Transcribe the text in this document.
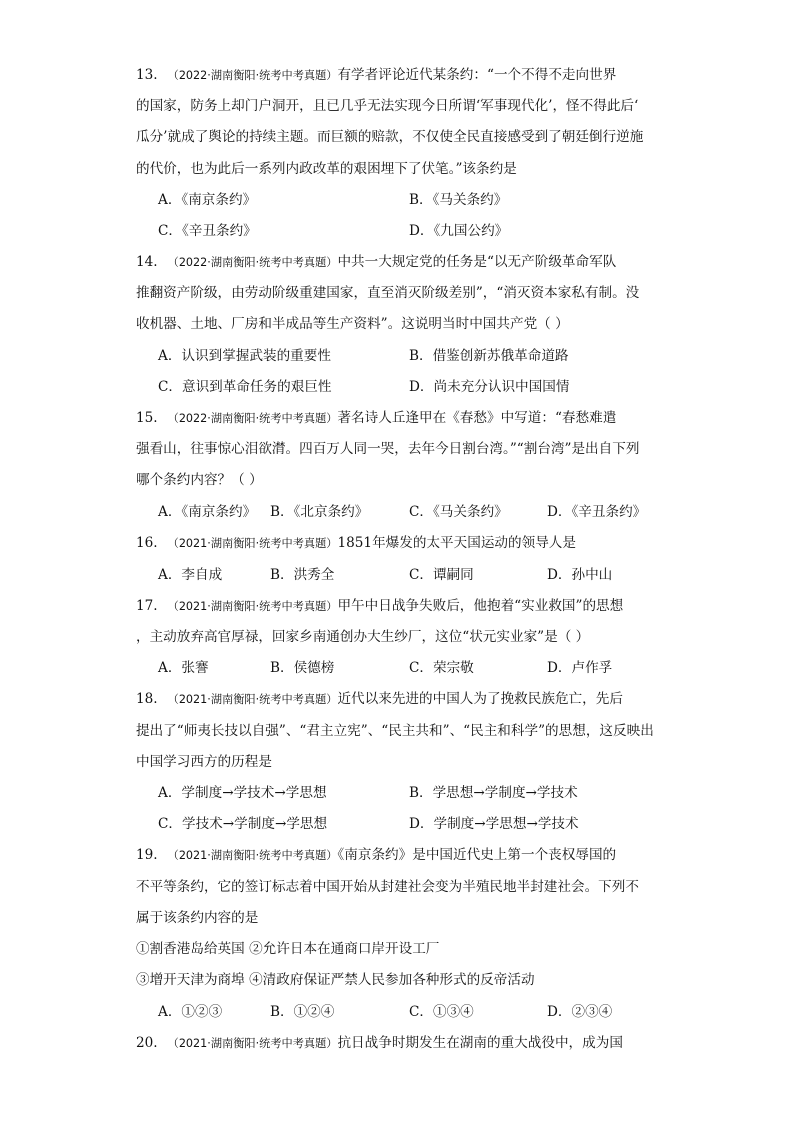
13. （2022·湖南衡阳·统考中考真题）有学者评论近代某条约：“一个不得不走向世界
的国家，防务上却门户洞开，且已几乎无法实现今日所谓‘军事现代化’，怪不得此后‘
瓜分’就成了舆论的持续主题。而巨额的赔款，不仅使全民直接感受到了朝廷倒行逆施
的代价，也为此后一系列内政改革的艰困埋下了伏笔。”该条约是
A．《南京条约》	B．《马关条约》
C．《辛丑条约》	D．《九国公约》
14. （2022·湖南衡阳·统考中考真题）中共一大规定党的任务是“以无产阶级革命军队
推翻资产阶级，由劳动阶级重建国家，直至消灭阶级差别”，“消灭资本家私有制。没
收机器、土地、厂房和半成品等生产资料”。这说明当时中国共产党（ ）
A．认识到掌握武装的重要性	B．借鉴创新苏俄革命道路
C．意识到革命任务的艰巨性	D．尚未充分认识中国国情
15. （2022·湖南衡阳·统考中考真题）著名诗人丘逢甲在《春愁》中写道：“春愁难遣
强看山，往事惊心泪欲潸。四百万人同一哭，去年今日割台湾。”“割台湾”是出自下列
哪个条约内容？（ ）
A．《南京条约》 B．《北京条约》	C．《马关条约》	D．《辛丑条约》
16. （2021·湖南衡阳·统考中考真题）1851年爆发的太平天国运动的领导人是
A．李自成	B．洪秀全	C．谭嗣同	D．孙中山
17. （2021·湖南衡阳·统考中考真题）甲午中日战争失败后，他抱着“实业救国”的思想
，主动放弃高官厚禄，回家乡南通创办大生纱厂，这位“状元实业家”是（ ）
A．张謇	B．侯德榜	C．荣宗敬	D．卢作孚
18. （2021·湖南衡阳·统考中考真题）近代以来先进的中国人为了挽救民族危亡，先后
提出了“师夷长技以自强”、“君主立宪”、“民主共和”、“民主和科学”的思想，这反映出
中国学习西方的历程是
A．学制度→学技术→学思想	B．学思想→学制度→学技术
C．学技术→学制度→学思想	D．学制度→学思想→学技术
19. （2021·湖南衡阳·统考中考真题）《南京条约》是中国近代史上第一个丧权辱国的
不平等条约，它的签订标志着中国开始从封建社会变为半殖民地半封建社会。下列不
属于该条约内容的是
①割香港岛给英国 ②允许日本在通商口岸开设工厂
③增开天津为商埠 ④清政府保证严禁人民参加各种形式的反帝活动
A．①②③	B．①②④	C．①③④	D．②③④
20. （2021·湖南衡阳·统考中考真题）抗日战争时期发生在湖南的重大战役中，成为国
